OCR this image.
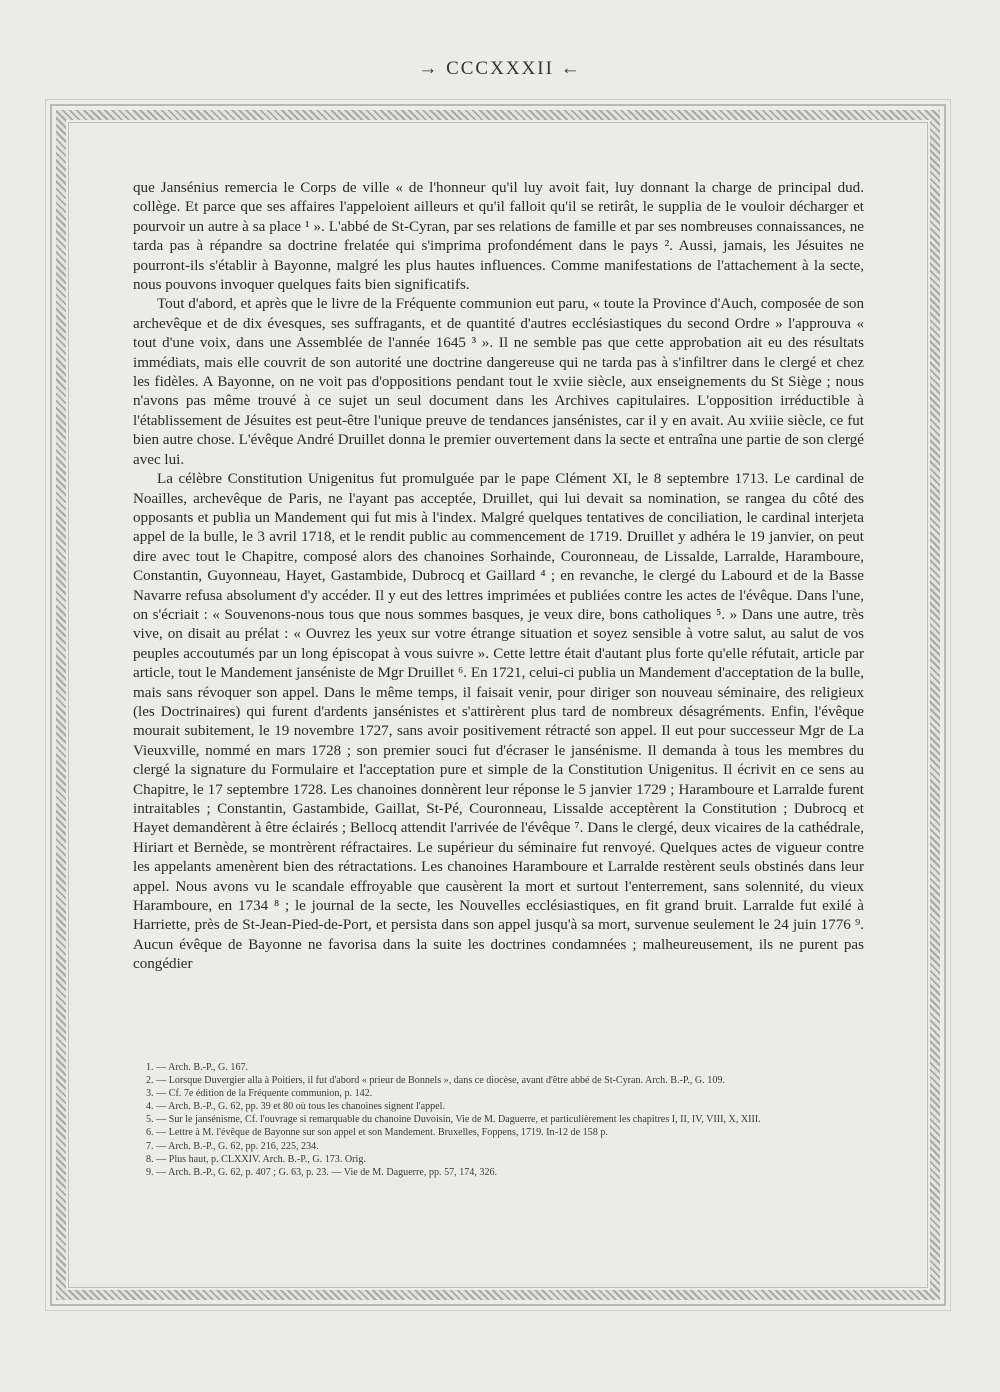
→ CCCXXXII ←

que Jansénius remercia le Corps de ville « de l'honneur qu'il luy avoit fait, luy donnant la charge de principal dud. collège. Et parce que ses affaires l'appeloient ailleurs et qu'il falloit qu'il se retirât, le supplia de le vouloir décharger et pourvoir un autre à sa place ¹ ». L'abbé de St-Cyran, par ses relations de famille et par ses nombreuses connaissances, ne tarda pas à répandre sa doctrine frelatée qui s'imprima profondément dans le pays ². Aussi, jamais, les Jésuites ne pourront-ils s'établir à Bayonne, malgré les plus hautes influences. Comme manifestations de l'attachement à la secte, nous pouvons invoquer quelques faits bien significatifs.

Tout d'abord, et après que le livre de la Fréquente communion eut paru, « toute la Province d'Auch, composée de son archevêque et de dix évesques, ses suffragants, et de quantité d'autres ecclésiastiques du second Ordre » l'approuva « tout d'une voix, dans une Assemblée de l'année 1645 ³ ». Il ne semble pas que cette approbation ait eu des résultats immédiats, mais elle couvrit de son autorité une doctrine dangereuse qui ne tarda pas à s'infiltrer dans le clergé et chez les fidèles. A Bayonne, on ne voit pas d'oppositions pendant tout le xviie siècle, aux enseignements du St Siège ; nous n'avons pas même trouvé à ce sujet un seul document dans les Archives capitulaires. L'opposition irréductible à l'établissement de Jésuites est peut-être l'unique preuve de tendances jansénistes, car il y en avait. Au xviiie siècle, ce fut bien autre chose. L'évêque André Druillet donna le premier ouvertement dans la secte et entraîna une partie de son clergé avec lui.

La célèbre Constitution Unigenitus fut promulguée par le pape Clément XI, le 8 septembre 1713. Le cardinal de Noailles, archevêque de Paris, ne l'ayant pas acceptée, Druillet, qui lui devait sa nomination, se rangea du côté des opposants et publia un Mandement qui fut mis à l'index. Malgré quelques tentatives de conciliation, le cardinal interjeta appel de la bulle, le 3 avril 1718, et le rendit public au commencement de 1719. Druillet y adhéra le 19 janvier, on peut dire avec tout le Chapitre, composé alors des chanoines Sorhainde, Couronneau, de Lissalde, Larralde, Haramboure, Constantin, Guyonneau, Hayet, Gastambide, Dubrocq et Gaillard ⁴ ; en revanche, le clergé du Labourd et de la Basse Navarre refusa absolument d'y accéder. Il y eut des lettres imprimées et publiées contre les actes de l'évêque. Dans l'une, on s'écriait : « Souvenons-nous tous que nous sommes basques, je veux dire, bons catholiques ⁵. » Dans une autre, très vive, on disait au prélat : « Ouvrez les yeux sur votre étrange situation et soyez sensible à votre salut, au salut de vos peuples accoutumés par un long épiscopat à vous suivre ». Cette lettre était d'autant plus forte qu'elle réfutait, article par article, tout le Mandement janséniste de Mgr Druillet ⁶. En 1721, celui-ci publia un Mandement d'acceptation de la bulle, mais sans révoquer son appel. Dans le même temps, il faisait venir, pour diriger son nouveau séminaire, des religieux (les Doctrinaires) qui furent d'ardents jansénistes et s'attirèrent plus tard de nombreux désagréments. Enfin, l'évêque mourait subitement, le 19 novembre 1727, sans avoir positivement rétracté son appel. Il eut pour successeur Mgr de La Vieuxville, nommé en mars 1728 ; son premier souci fut d'écraser le jansénisme. Il demanda à tous les membres du clergé la signature du Formulaire et l'acceptation pure et simple de la Constitution Unigenitus. Il écrivit en ce sens au Chapitre, le 17 septembre 1728. Les chanoines donnèrent leur réponse le 5 janvier 1729 ; Haramboure et Larralde furent intraitables ; Constantin, Gastambide, Gaillat, St-Pé, Couronneau, Lissalde acceptèrent la Constitution ; Dubrocq et Hayet demandèrent à être éclairés ; Bellocq attendit l'arrivée de l'évêque ⁷. Dans le clergé, deux vicaires de la cathédrale, Hiriart et Bernède, se montrèrent réfractaires. Le supérieur du séminaire fut renvoyé. Quelques actes de vigueur contre les appelants amenèrent bien des rétractations. Les chanoines Haramboure et Larralde restèrent seuls obstinés dans leur appel. Nous avons vu le scandale effroyable que causèrent la mort et surtout l'enterrement, sans solennité, du vieux Haramboure, en 1734 ⁸ ; le journal de la secte, les Nouvelles ecclésiastiques, en fit grand bruit. Larralde fut exilé à Harriette, près de St-Jean-Pied-de-Port, et persista dans son appel jusqu'à sa mort, survenue seulement le 24 juin 1776 ⁹. Aucun évêque de Bayonne ne favorisa dans la suite les doctrines condamnées ; malheureusement, ils ne purent pas congédier

1. — Arch. B.-P., G. 167.
2. — Lorsque Duvergier alla à Poitiers, il fut d'abord « prieur de Bonnels », dans ce diocèse, avant d'être abbé de St-Cyran. Arch. B.-P., G. 109.
3. — Cf. 7e édition de la Fréquente communion, p. 142.
4. — Arch. B.-P., G. 62, pp. 39 et 80 où tous les chanoines signent l'appel.
5. — Sur le jansénisme, Cf. l'ouvrage si remarquable du chanoine Duvoisin, Vie de M. Daguerre, et particulièrement les chapitres I, II, IV, VIII, X, XIII.
6. — Lettre à M. l'évêque de Bayonne sur son appel et son Mandement. Bruxelles, Foppens, 1719. In-12 de 158 p.
7. — Arch. B.-P., G. 62, pp. 216, 225, 234.
8. — Plus haut, p. CLXXIV. Arch. B.-P., G. 173. Orig.
9. — Arch. B.-P., G. 62, p. 407 ; G. 63, p. 23. — Vie de M. Daguerre, pp. 57, 174, 326.
